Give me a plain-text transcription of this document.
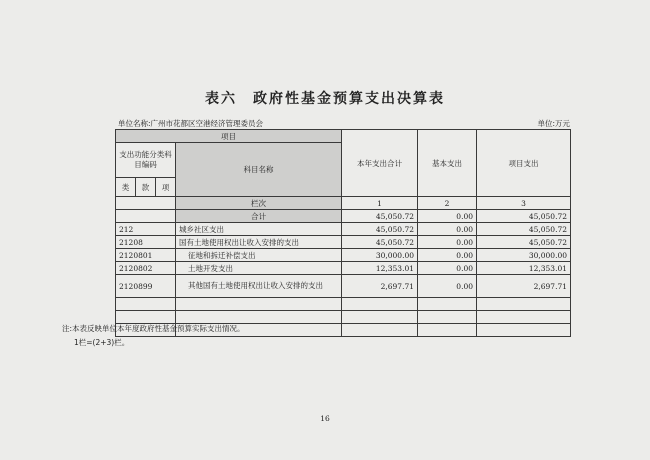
表六　政府性基金预算支出决算表
单位名称:广州市花都区空港经济管理委员会	单位:万元
项目				本年支出合计	基本支出	项目支出
支出功能分类科目编码			科目名称			
类	款	项				
			栏次	1	2	3
			合计	45,050.72	0.00	45,050.72
212			城乡社区支出	45,050.72	0.00	45,050.72
21208			国有土地使用权出让收入安排的支出	45,050.72	0.00	45,050.72
2120801			征地和拆迁补偿支出	30,000.00	0.00	30,000.00
2120802			土地开发支出	12,353.01	0.00	12,353.01
2120899			其他国有土地使用权出让收入安排的支出	2,697.71	0.00	2,697.71

注:本表反映单位本年度政府性基金预算实际支出情况。
1栏=(2+3)栏。
16
